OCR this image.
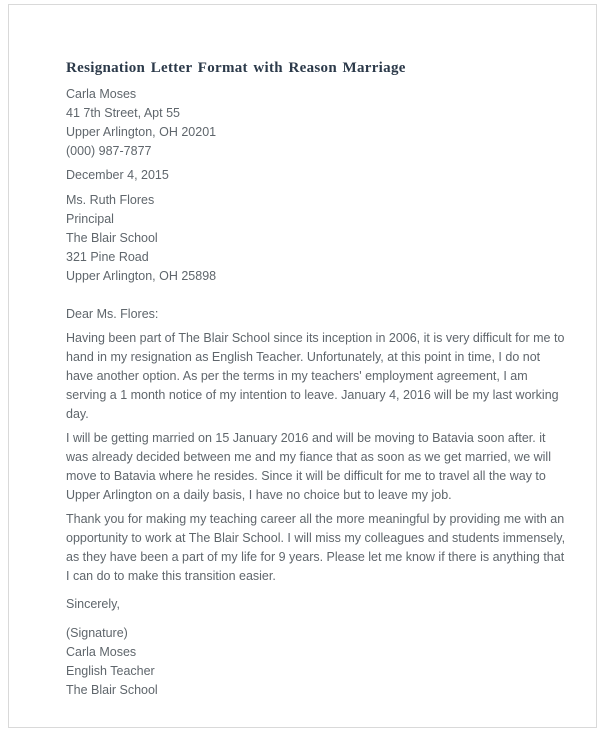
Resignation Letter Format with Reason Marriage
Carla Moses
41 7th Street, Apt 55
Upper Arlington, OH 20201
(000) 987-7877
December 4, 2015
Ms. Ruth Flores
Principal
The Blair School
321 Pine Road
Upper Arlington, OH 25898
Dear Ms. Flores:

Having been part of The Blair School since its inception in 2006, it is very difficult for me to hand in my resignation as English Teacher. Unfortunately, at this point in time, I do not have another option. As per the terms in my teachers' employment agreement, I am serving a 1 month notice of my intention to leave. January 4, 2016 will be my last working day.

I will be getting married on 15 January 2016 and will be moving to Batavia soon after. it was already decided between me and my fiance that as soon as we get married, we will move to Batavia where he resides. Since it will be difficult for me to travel all the way to Upper Arlington on a daily basis, I have no choice but to leave my job.

Thank you for making my teaching career all the more meaningful by providing me with an opportunity to work at The Blair School. I will miss my colleagues and students immensely, as they have been a part of my life for 9 years. Please let me know if there is anything that I can do to make this transition easier.

Sincerely,
(Signature)
Carla Moses
English Teacher
The Blair School
